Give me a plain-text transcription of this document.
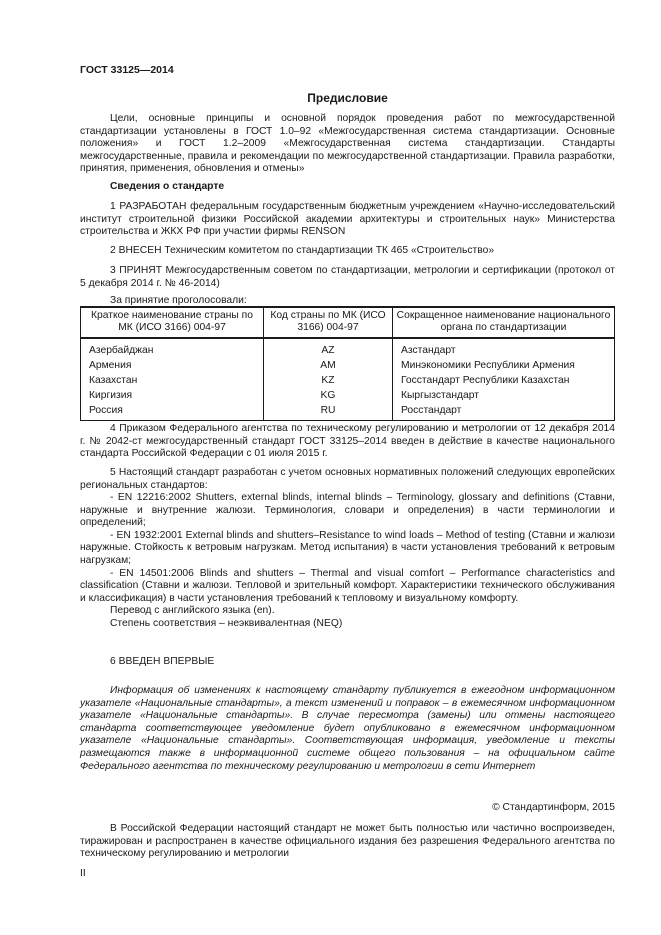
ГОСТ 33125—2014
Предисловие
Цели, основные принципы и основной порядок проведения работ по межгосударственной стандартизации установлены в ГОСТ 1.0–92 «Межгосударственная система стандартизации. Основные положения» и ГОСТ 1.2–2009 «Межгосударственная система стандартизации. Стандарты межгосударственные, правила и рекомендации по межгосударственной стандартизации. Правила разработки, принятия, применения, обновления и отмены»
Сведения о стандарте
1 РАЗРАБОТАН федеральным государственным бюджетным учреждением «Научно-исследовательский институт строительной физики Российской академии архитектуры и строительных наук» Министерства строительства и ЖКХ РФ при участии фирмы RENSON
2 ВНЕСЕН Техническим комитетом по стандартизации ТК 465 «Строительство»
3 ПРИНЯТ Межгосударственным советом по стандартизации, метрологии и сертификации (протокол от 5 декабря 2014 г. № 46-2014)
За принятие проголосовали:
Краткое наименование страны по МК (ИСО 3166) 004-97	Код страны по МК (ИСО 3166) 004-97	Сокращенное наименование национального органа по стандартизации
Азербайджан	AZ	Азстандарт
Армения	AM	Минэкономики Республики Армения
Казахстан	KZ	Госстандарт Республики Казахстан
Киргизия	KG	Кыргызстандарт
Россия	RU	Росстандарт
4 Приказом Федерального агентства по техническому регулированию и метрологии от 12 декабря 2014 г. № 2042-ст межгосударственный стандарт ГОСТ 33125–2014 введен в действие в качестве национального стандарта Российской Федерации с 01 июля 2015 г.
5 Настоящий стандарт разработан с учетом основных нормативных положений следующих европейских региональных стандартов:

- EN 12216:2002 Shutters, external blinds, internal blinds – Terminology, glossary and definitions (Ставни, наружные и внутренние жалюзи. Терминология, словари и определения) в части терминологии и определений;

- EN 1932:2001 External blinds and shutters–Resistance to wind loads – Method of testing (Ставни и жалюзи наружные. Стойкость к ветровым нагрузкам. Метод испытания) в части установления требований к ветровым нагрузкам;

- EN 14501:2006 Blinds and shutters – Thermal and visual comfort – Performance characteristics and classification (Ставни и жалюзи. Тепловой и зрительный комфорт. Характеристики технического обслуживания и классификация) в части установления требований к тепловому и визуальному комфорту.

Перевод с английского языка (en).

Степень соответствия – неэквивалентная (NEQ)

6 ВВЕДЕН ВПЕРВЫЕ
Информация об изменениях к настоящему стандарту публикуется в ежегодном информационном указателе «Национальные стандарты», а текст изменений и поправок – в ежемесячном информационном указателе «Национальные стандарты». В случае пересмотра (замены) или отмены настоящего стандарта соответствующее уведомление будет опубликовано в ежемесячном информационном указателе «Национальные стандарты». Соответствующая информация, уведомление и тексты размещаются также в информационной системе общего пользования – на официальном сайте Федерального агентства по техническому регулированию и метрологии в сети Интернет
© Стандартинформ, 2015
В Российской Федерации настоящий стандарт не может быть полностью или частично воспроизведен, тиражирован и распространен в качестве официального издания без разрешения Федерального агентства по техническому регулированию и метрологии
II
